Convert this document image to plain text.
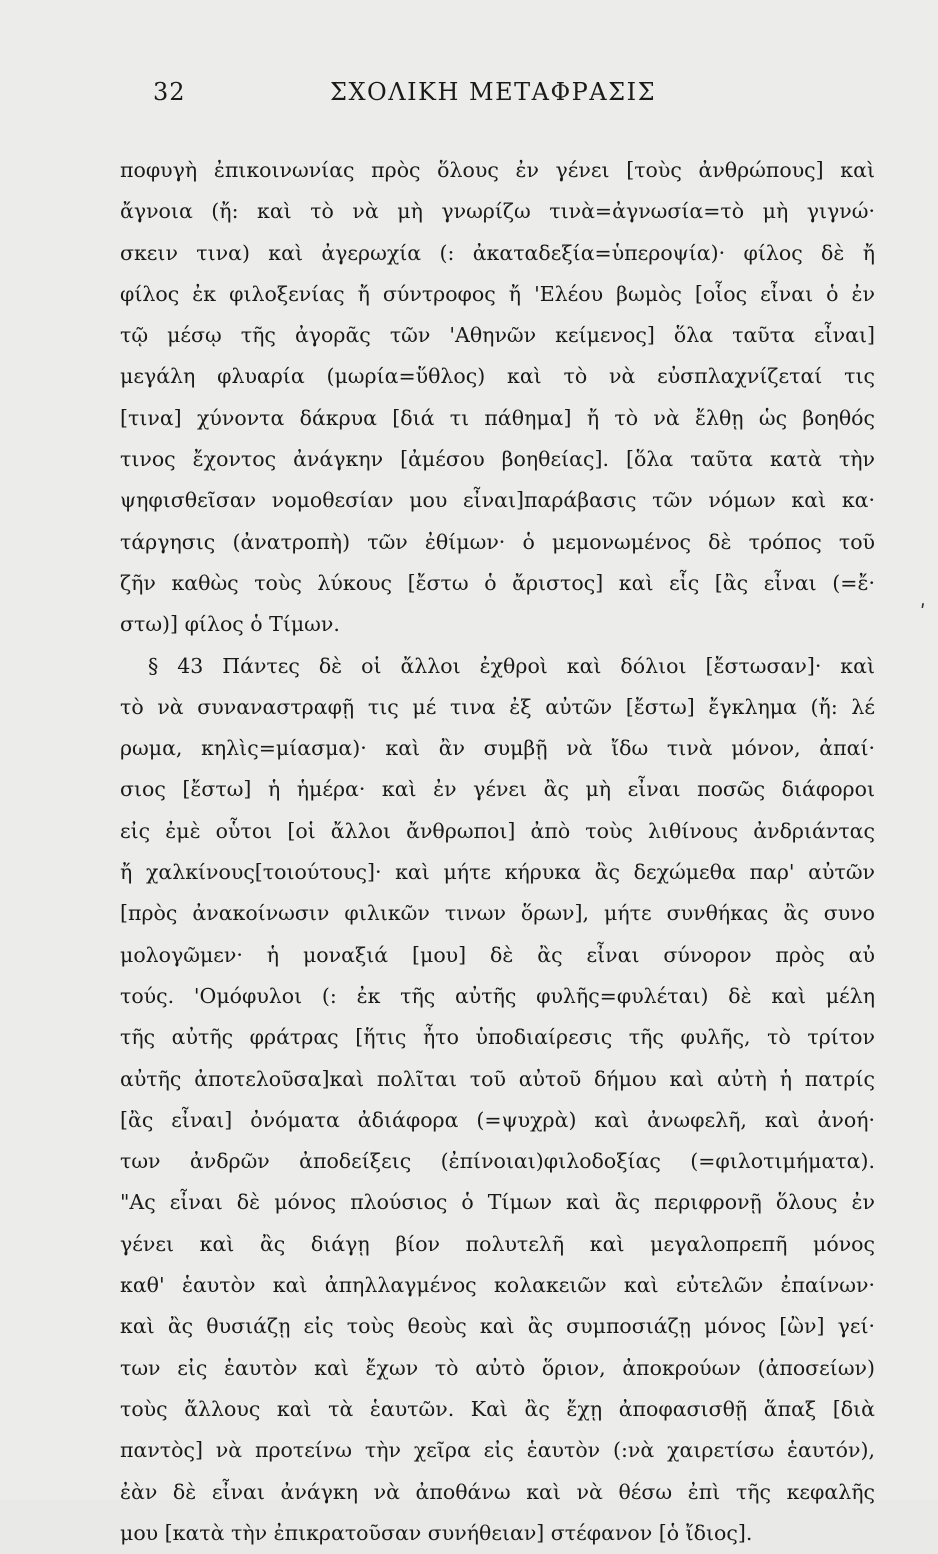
32	ΣΧΟΛΙΚΗ ΜΕΤΑΦΡΑΣΙΣ
ποφυγὴ ἐπικοινωνίας πρὸς ὅλους ἐν γένει [τοὺς ἀνθρώπους] καὶ
ἄγνοια (ἤ: καὶ τὸ νὰ μὴ γνωρίζω τινὰ=ἀγνωσία=τὸ μὴ γιγνώ·
σκειν τινα) καὶ ἀγερωχία (: ἀκαταδεξία=ὑπεροψία)· φίλος δὲ ἤ
φίλος ἐκ φιλοξενίας ἤ σύντροφος ἤ 'Ελέου βωμὸς [οἷος εἶναι ὁ ἐν
τῷ μέσῳ τῆς ἀγορᾶς τῶν 'Αθηνῶν κείμενος] ὅλα ταῦτα εἶναι]
μεγάλη φλυαρία (μωρία=ὕθλος) καὶ τὸ νὰ εὐσπλαχνίζεταί τις
[τινα] χύνοντα δάκρυα [διά τι πάθημα] ἤ τὸ νὰ ἔλθῃ ὡς βοηθός
τινος ἔχοντος ἀνάγκην [ἀμέσου βοηθείας]. [ὅλα ταῦτα κατὰ τὴν
ψηφισθεῖσαν νομοθεσίαν μου εἶναι]παράβασις τῶν νόμων καὶ κα·
τάργησις (ἀνατροπὴ) τῶν ἐθίμων· ὁ μεμονωμένος δὲ τρόπος τοῦ
ζῆν καθὼς τοὺς λύκους [ἔστω ὁ ἄριστος] καὶ εἷς [ἂς εἶναι (=ἔ·
στω)] φίλος ὁ Τίμων.
§ 43 Πάντες δὲ οἱ ἄλλοι ἐχθροὶ καὶ δόλιοι [ἔστωσαν]· καὶ
τὸ νὰ συναναστραφῇ τις μέ τινα ἐξ αὐτῶν [ἔστω] ἔγκλημα (ἤ: λέ
ρωμα, κηλὶς=μίασμα)· καὶ ἂν συμβῇ νὰ ἴδω τινὰ μόνον, ἀπαί·
σιος [ἔστω] ἡ ἡμέρα· καὶ ἐν γένει ἂς μὴ εἶναι ποσῶς διάφοροι
εἰς ἐμὲ οὗτοι [οἱ ἄλλοι ἄνθρωποι] ἀπὸ τοὺς λιθίνους ἀνδριάντας
ἤ χαλκίνους[τοιούτους]· καὶ μήτε κήρυκα ἂς δεχώμεθα παρ' αὐτῶν
[πρὸς ἀνακοίνωσιν φιλικῶν τινων ὅρων], μήτε συνθήκας ἂς συνο
μολογῶμεν· ἡ μοναξιά [μου] δὲ ἂς εἶναι σύνορον πρὸς αὐ
τούς. 'Ομόφυλοι (: ἐκ τῆς αὐτῆς φυλῆς=φυλέται) δὲ καὶ μέλη
τῆς αὐτῆς φράτρας [ἥτις ἦτο ὑποδιαίρεσις τῆς φυλῆς, τὸ τρίτον
αὐτῆς ἀποτελοῦσα]καὶ πολῖται τοῦ αὐτοῦ δήμου καὶ αὐτὴ ἡ πατρίς
[ἂς εἶναι] ὀνόματα ἀδιάφορα (=ψυχρὰ) καὶ ἀνωφελῆ, καὶ ἀνοή·
των ἀνδρῶν ἀποδείξεις (ἐπίνοιαι)φιλοδοξίας (=φιλοτιμήματα).
"Ας εἶναι δὲ μόνος πλούσιος ὁ Τίμων καὶ ἂς περιφρονῇ ὅλους ἐν
γένει καὶ ἂς διάγῃ βίον πολυτελῆ καὶ μεγαλοπρεπῆ μόνος
καθ' ἑαυτὸν καὶ ἀπηλλαγμένος κολακειῶν καὶ εὐτελῶν ἐπαίνων·
καὶ ἂς θυσιάζῃ εἰς τοὺς θεοὺς καὶ ἂς συμποσιάζῃ μόνος [ὢν] γεί·
των εἰς ἑαυτὸν καὶ ἔχων τὸ αὐτὸ ὅριον, ἀποκρούων (ἀποσείων)
τοὺς ἄλλους καὶ τὰ ἑαυτῶν. Καὶ ἂς ἔχῃ ἀποφασισθῇ ἅπαξ [διὰ
παντὸς] νὰ προτείνω τὴν χεῖρα εἰς ἑαυτὸν (:νὰ χαιρετίσω ἑαυτόν),
ἐὰν δὲ εἶναι ἀνάγκη νὰ ἀποθάνω καὶ νὰ θέσω ἐπὶ τῆς κεφαλῆς
μου [κατὰ τὴν ἐπικρατοῦσαν συνήθειαν] στέφανον [ὁ ἴδιος].
ʹ
